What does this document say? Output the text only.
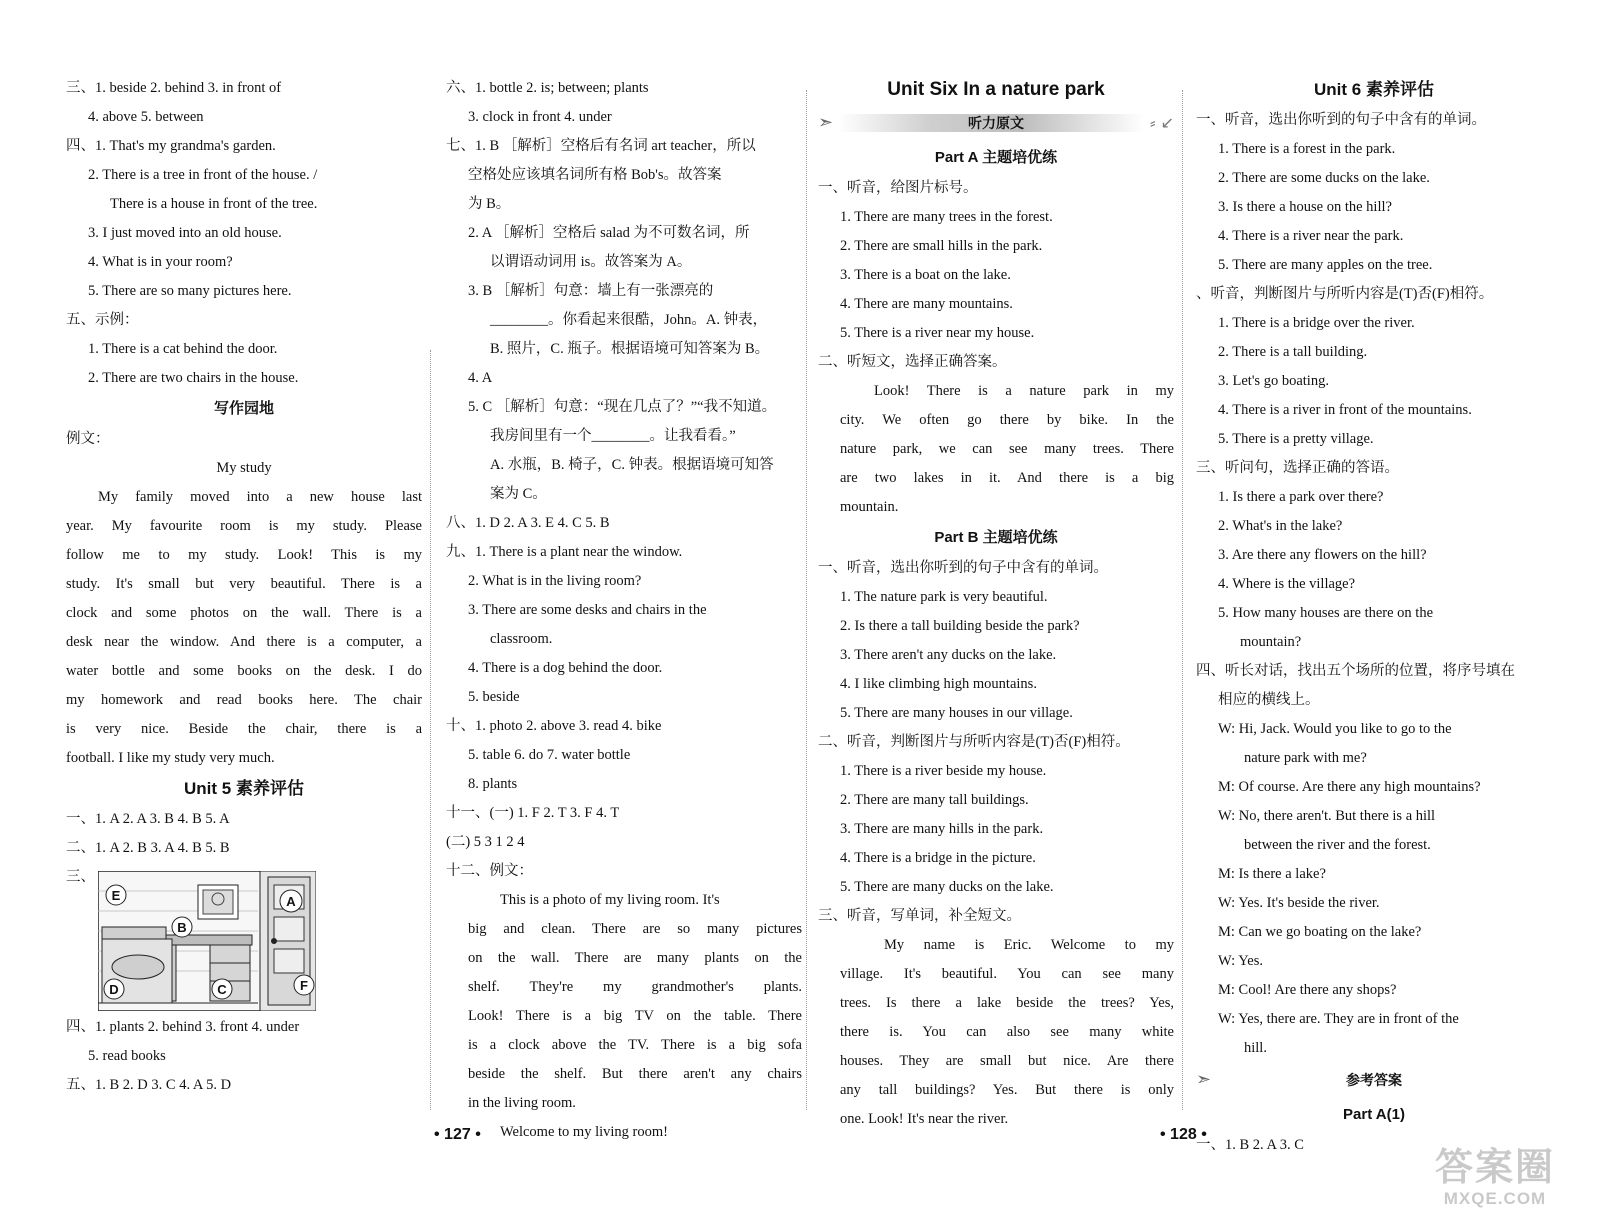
三、1. beside 2. behind 3. in front of
4. above 5. between
四、1. That's my grandma's garden.
2. There is a tree in front of the house. /
There is a house in front of the tree.
3. I just moved into an old house.
4. What is in your room?
5. There are so many pictures here.
五、示例：
1. There is a cat behind the door.
2. There are two chairs in the house.
写作园地
例文：
My study
My family moved into a new house last
year. My favourite room is my study. Please
follow me to my study. Look! This is my
study. It's small but very beautiful. There is a
clock and some photos on the wall. There is a
desk near the window. And there is a computer, a
water bottle and some books on the desk. I do
my homework and read books here. The chair
is very nice. Beside the chair, there is a
football. I like my study very much.
Unit 5 素养评估
一、1. A 2. A 3. B 4. B 5. A
二、1. A 2. B 3. A 4. B 5. B
三、
E
B
A
D	C	F
四、1. plants 2. behind 3. front 4. under
5. read books
五、1. B 2. D 3. C 4. A 5. D
六、1. bottle 2. is; between; plants
3. clock in front 4. under
七、1. B ［解析］空格后有名词 art teacher，所以
空格处应该填名词所有格 Bob's。故答案
为 B。
2. A ［解析］空格后 salad 为不可数名词，所
以谓语动词用 is。故答案为 A。
3. B ［解析］句意：墙上有一张漂亮的
________。你看起来很酷，John。A. 钟表，
B. 照片，C. 瓶子。根据语境可知答案为 B。
4. A
5. C ［解析］句意：“现在几点了？”“我不知道。
我房间里有一个________。让我看看。”
A. 水瓶，B. 椅子，C. 钟表。根据语境可知答
案为 C。
八、1. D 2. A 3. E 4. C 5. B
九、1. There is a plant near the window.
2. What is in the living room?
3. There are some desks and chairs in the
classroom.
4. There is a dog behind the door.
5. beside
十、1. photo 2. above 3. read 4. bike
5. table 6. do 7. water bottle
8. plants
十一、(一) 1. F 2. T 3. F 4. T
(二) 5 3 1 2 4
十二、例文：
This is a photo of my living room. It's
big and clean. There are so many pictures
on the wall. There are many plants on the
shelf. They're my grandmother's plants.
Look! There is a big TV on the table. There
is a clock above the TV. There is a big sofa
beside the shelf. But there aren't any chairs
in the living room.
Welcome to my living room!
Unit Six In a nature park
➣	⸗ ↙
听力原文
Part A 主题培优练
一、听音，给图片标号。
1. There are many trees in the forest.
2. There are small hills in the park.
3. There is a boat on the lake.
4. There are many mountains.
5. There is a river near my house.
二、听短文，选择正确答案。
Look! There is a nature park in my
city. We often go there by bike. In the
nature park, we can see many trees. There
are two lakes in it. And there is a big
mountain.
Part B 主题培优练
一、听音，选出你听到的句子中含有的单词。
1. The nature park is very beautiful.
2. Is there a tall building beside the park?
3. There aren't any ducks on the lake.
4. I like climbing high mountains.
5. There are many houses in our village.
二、听音，判断图片与所听内容是(T)否(F)相符。
1. There is a river beside my house.
2. There are many tall buildings.
3. There are many hills in the park.
4. There is a bridge in the picture.
5. There are many ducks on the lake.
三、听音，写单词，补全短文。
My name is Eric. Welcome to my
village. It's beautiful. You can see many
trees. Is there a lake beside the trees? Yes,
there is. You can also see many white
houses. They are small but nice. Are there
any tall buildings? Yes. But there is only
one. Look! It's near the river.
Unit 6 素养评估
一、听音，选出你听到的句子中含有的单词。
1. There is a forest in the park.
2. There are some ducks on the lake.
3. Is there a house on the hill?
4. There is a river near the park.
5. There are many apples on the tree.
、听音，判断图片与所听内容是(T)否(F)相符。
1. There is a bridge over the river.
2. There is a tall building.
3. Let's go boating.
4. There is a river in front of the mountains.
5. There is a pretty village.
三、听问句，选择正确的答语。
1. Is there a park over there?
2. What's in the lake?
3. Are there any flowers on the hill?
4. Where is the village?
5. How many houses are there on the
mountain?
四、听长对话，找出五个场所的位置，将序号填在
相应的横线上。
W: Hi, Jack. Would you like to go to the
nature park with me?
M: Of course. Are there any high mountains?
W: No, there aren't. But there is a hill
between the river and the forest.
M: Is there a lake?
W: Yes. It's beside the river.
M: Can we go boating on the lake?
W: Yes.
M: Cool! Are there any shops?
W: Yes, there are. They are in front of the
hill.
➣	参考答案
Part A(1)
一、1. B 2. A 3. C
• 127 •	• 128 •
答案圈
MXQE.COM
